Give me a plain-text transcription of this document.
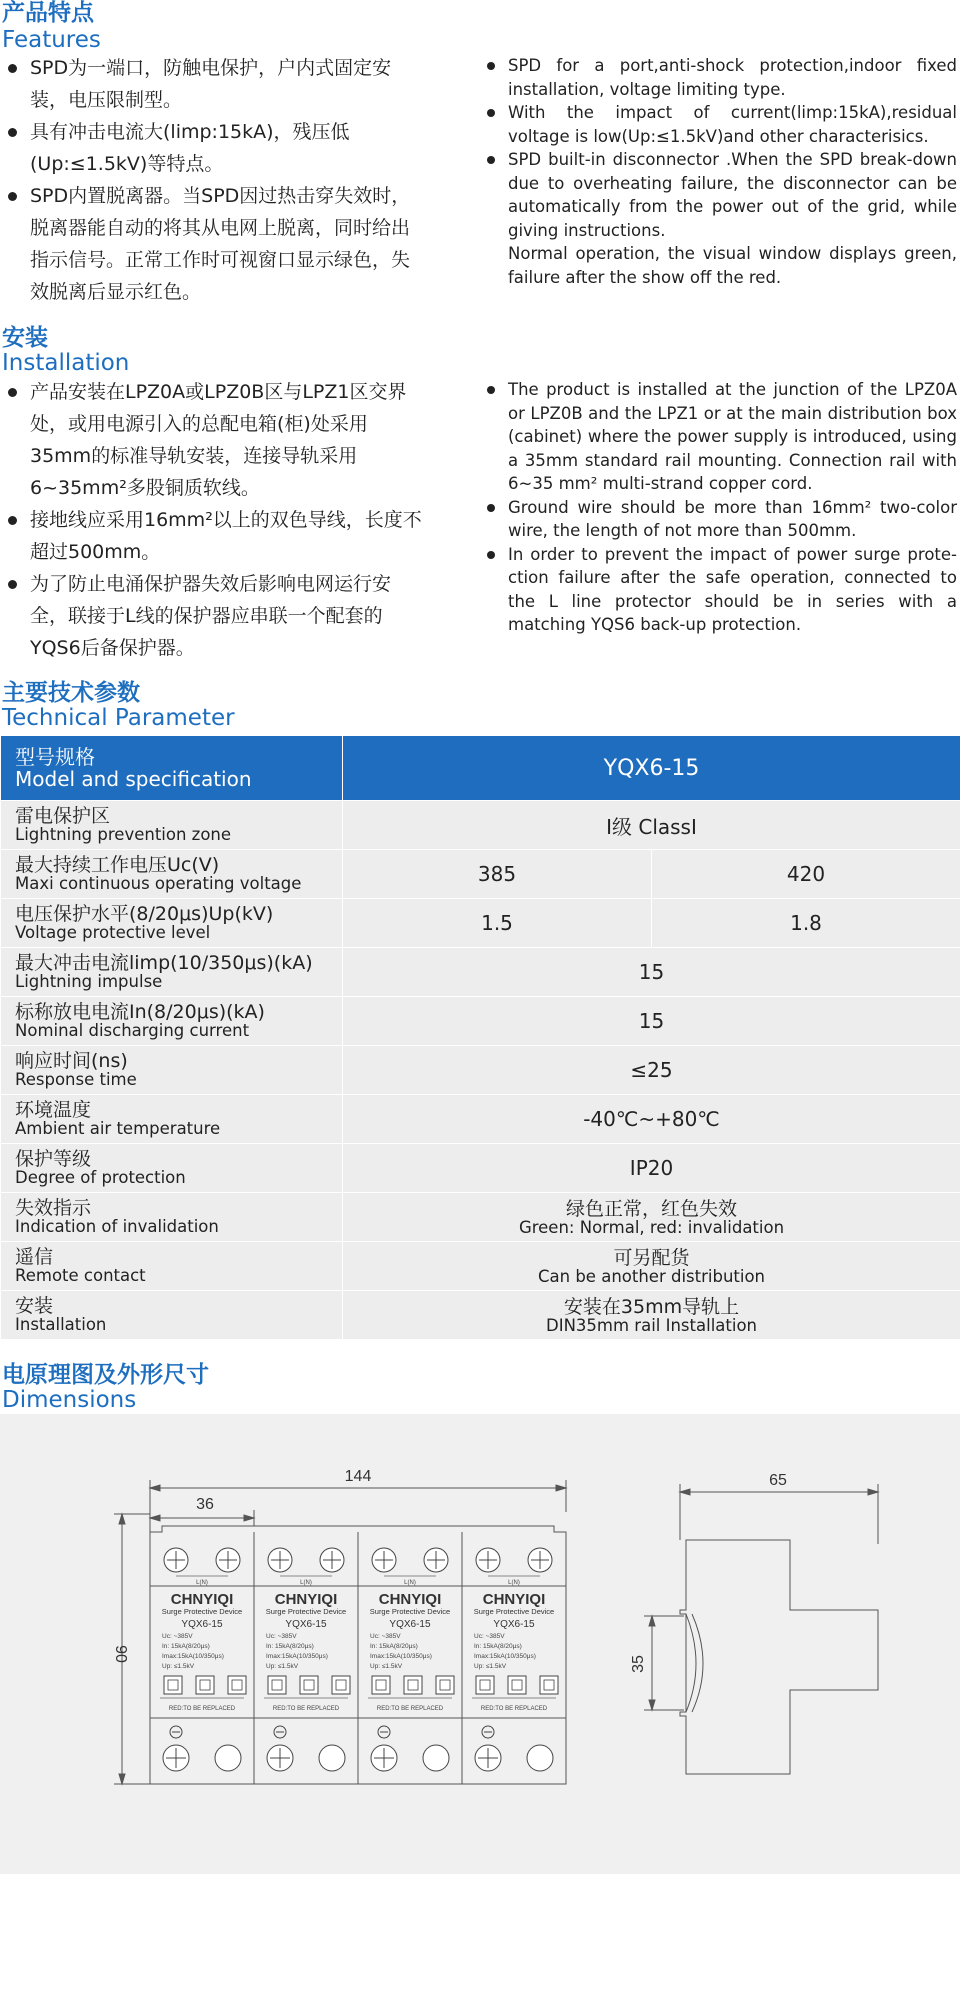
产品特点
Features
SPD为一端口，防触电保护，户内式固定安装，电压限制型。
具有冲击电流大(limp:15kA)，残压低(Up:≤1.5kV)等特点。
SPD内置脱离器。当SPD因过热击穿失效时，脱离器能自动的将其从电网上脱离，同时给出指示信号。正常工作时可视窗口显示绿色，失效脱离后显示红色。
SPD for a port,anti-shock protection,indoor fixed installation, voltage limiting type.
With the impact of current(limp:15kA),residual voltage is low(Up:≤1.5kV)and other characterisics.
SPD built-in disconnector .When the SPD break-down due to overheating failure, the disconnector can be automatically from the power out of the grid, while giving instructions.
Normal operation, the visual window displays green, failure after the show off the red.
安装
Installation
产品安装在LPZ0A或LPZ0B区与LPZ1区交界处，或用电源引入的总配电箱(柜)处采用35mm的标准导轨安装，连接导轨采用6~35mm²多股铜质软线。
接地线应采用16mm²以上的双色导线，长度不超过500mm。
为了防止电涌保护器失效后影响电网运行安全，联接于L线的保护器应串联一个配套的YQS6后备保护器。
The product is installed at the junction of the LPZ0A or LPZ0B and the LPZ1 or at the main distribution box (cabinet) where the power supply is introduced, using a 35mm standard rail mounting. Connection rail with 6~35 mm² multi-strand copper cord.
Ground wire should be more than 16mm² two-color wire, the length of not more than 500mm.
In order to prevent the impact of power surge prote-ction failure after the safe operation, connected to the L line protector should be in series with a matching YQS6 back-up protection.
主要技术参数
Technical Parameter
型号规格
Model and specification	YQX6-15	

雷电保护区
Lightning prevention zone	Ⅰ级 ClassⅠ	

最大持续工作电压Uc(V)
Maxi continuous operating voltage	385	420

电压保护水平(8/20μs)Up(kV)
Voltage protective level	1.5	1.8

最大冲击电流limp(10/350μs)(kA)
Lightning impulse	15	

标称放电电流In(8/20μs)(kA)
Nominal discharging current	15	

响应时间(ns)
Response time	≤25	

环境温度
Ambient air temperature	-40℃~+80℃	

保护等级
Degree of protection	IP20	

失效指示
Indication of invalidation	绿色正常，红色失效
Green: Normal, red: invalidation	

遥信
Remote contact	可另配货
Can be another distribution	

安装
Installation	安装在35mm导轨上
DIN35mm rail Installation	
电原理图及外形尺寸
Dimensions
L(N)
CHNYIQI
Surge Protective Device
YQX6-15
Uc: ~385V
In: 15kA(8/20μs)
Imax:15kA(10/350μs)
Up: ≤1.5kV
RED:TO BE REPLACED
L(N)
CHNYIQI
Surge Protective Device
YQX6-15
Uc: ~385V
In: 15kA(8/20μs)
Imax:15kA(10/350μs)
Up: ≤1.5kV
RED:TO BE REPLACED
L(N)
CHNYIQI
Surge Protective Device
YQX6-15
Uc: ~385V
In: 15kA(8/20μs)
Imax:15kA(10/350μs)
Up: ≤1.5kV
RED:TO BE REPLACED
L(N)
CHNYIQI
Surge Protective Device
YQX6-15
Uc: ~385V
In: 15kA(8/20μs)
Imax:15kA(10/350μs)
Up: ≤1.5kV
RED:TO BE REPLACED
36
144
90
65
35
